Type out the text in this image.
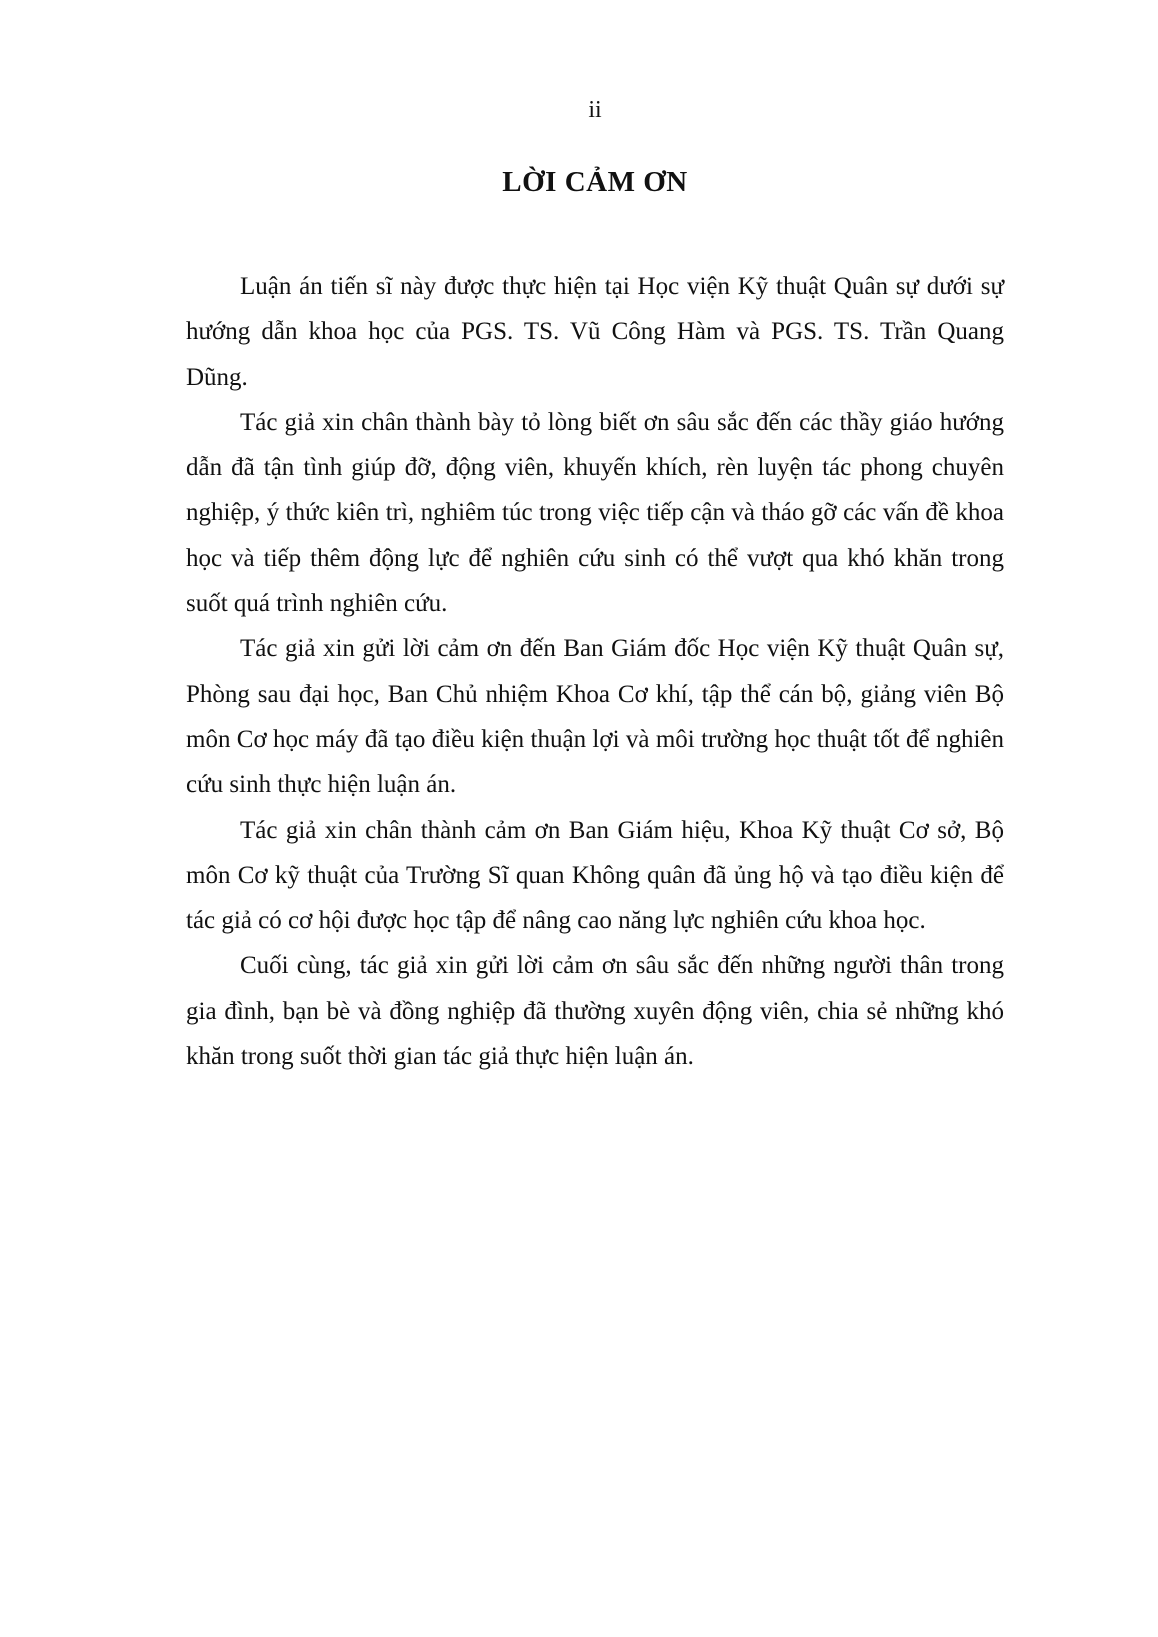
ii
LỜI CẢM ƠN

Luận án tiến sĩ này được thực hiện tại Học viện Kỹ thuật Quân sự dưới sự hướng dẫn khoa học của PGS. TS. Vũ Công Hàm và PGS. TS. Trần Quang Dũng.

Tác giả xin chân thành bày tỏ lòng biết ơn sâu sắc đến các thầy giáo hướng dẫn đã tận tình giúp đỡ, động viên, khuyến khích, rèn luyện tác phong chuyên nghiệp, ý thức kiên trì, nghiêm túc trong việc tiếp cận và tháo gỡ các vấn đề khoa học và tiếp thêm động lực để nghiên cứu sinh có thể vượt qua khó khăn trong suốt quá trình nghiên cứu.

Tác giả xin gửi lời cảm ơn đến Ban Giám đốc Học viện Kỹ thuật Quân sự, Phòng sau đại học, Ban Chủ nhiệm Khoa Cơ khí, tập thể cán bộ, giảng viên Bộ môn Cơ học máy đã tạo điều kiện thuận lợi và môi trường học thuật tốt để nghiên cứu sinh thực hiện luận án.

Tác giả xin chân thành cảm ơn Ban Giám hiệu, Khoa Kỹ thuật Cơ sở, Bộ môn Cơ kỹ thuật của Trường Sĩ quan Không quân đã ủng hộ và tạo điều kiện để tác giả có cơ hội được học tập để nâng cao năng lực nghiên cứu khoa học.

Cuối cùng, tác giả xin gửi lời cảm ơn sâu sắc đến những người thân trong gia đình, bạn bè và đồng nghiệp đã thường xuyên động viên, chia sẻ những khó khăn trong suốt thời gian tác giả thực hiện luận án.
